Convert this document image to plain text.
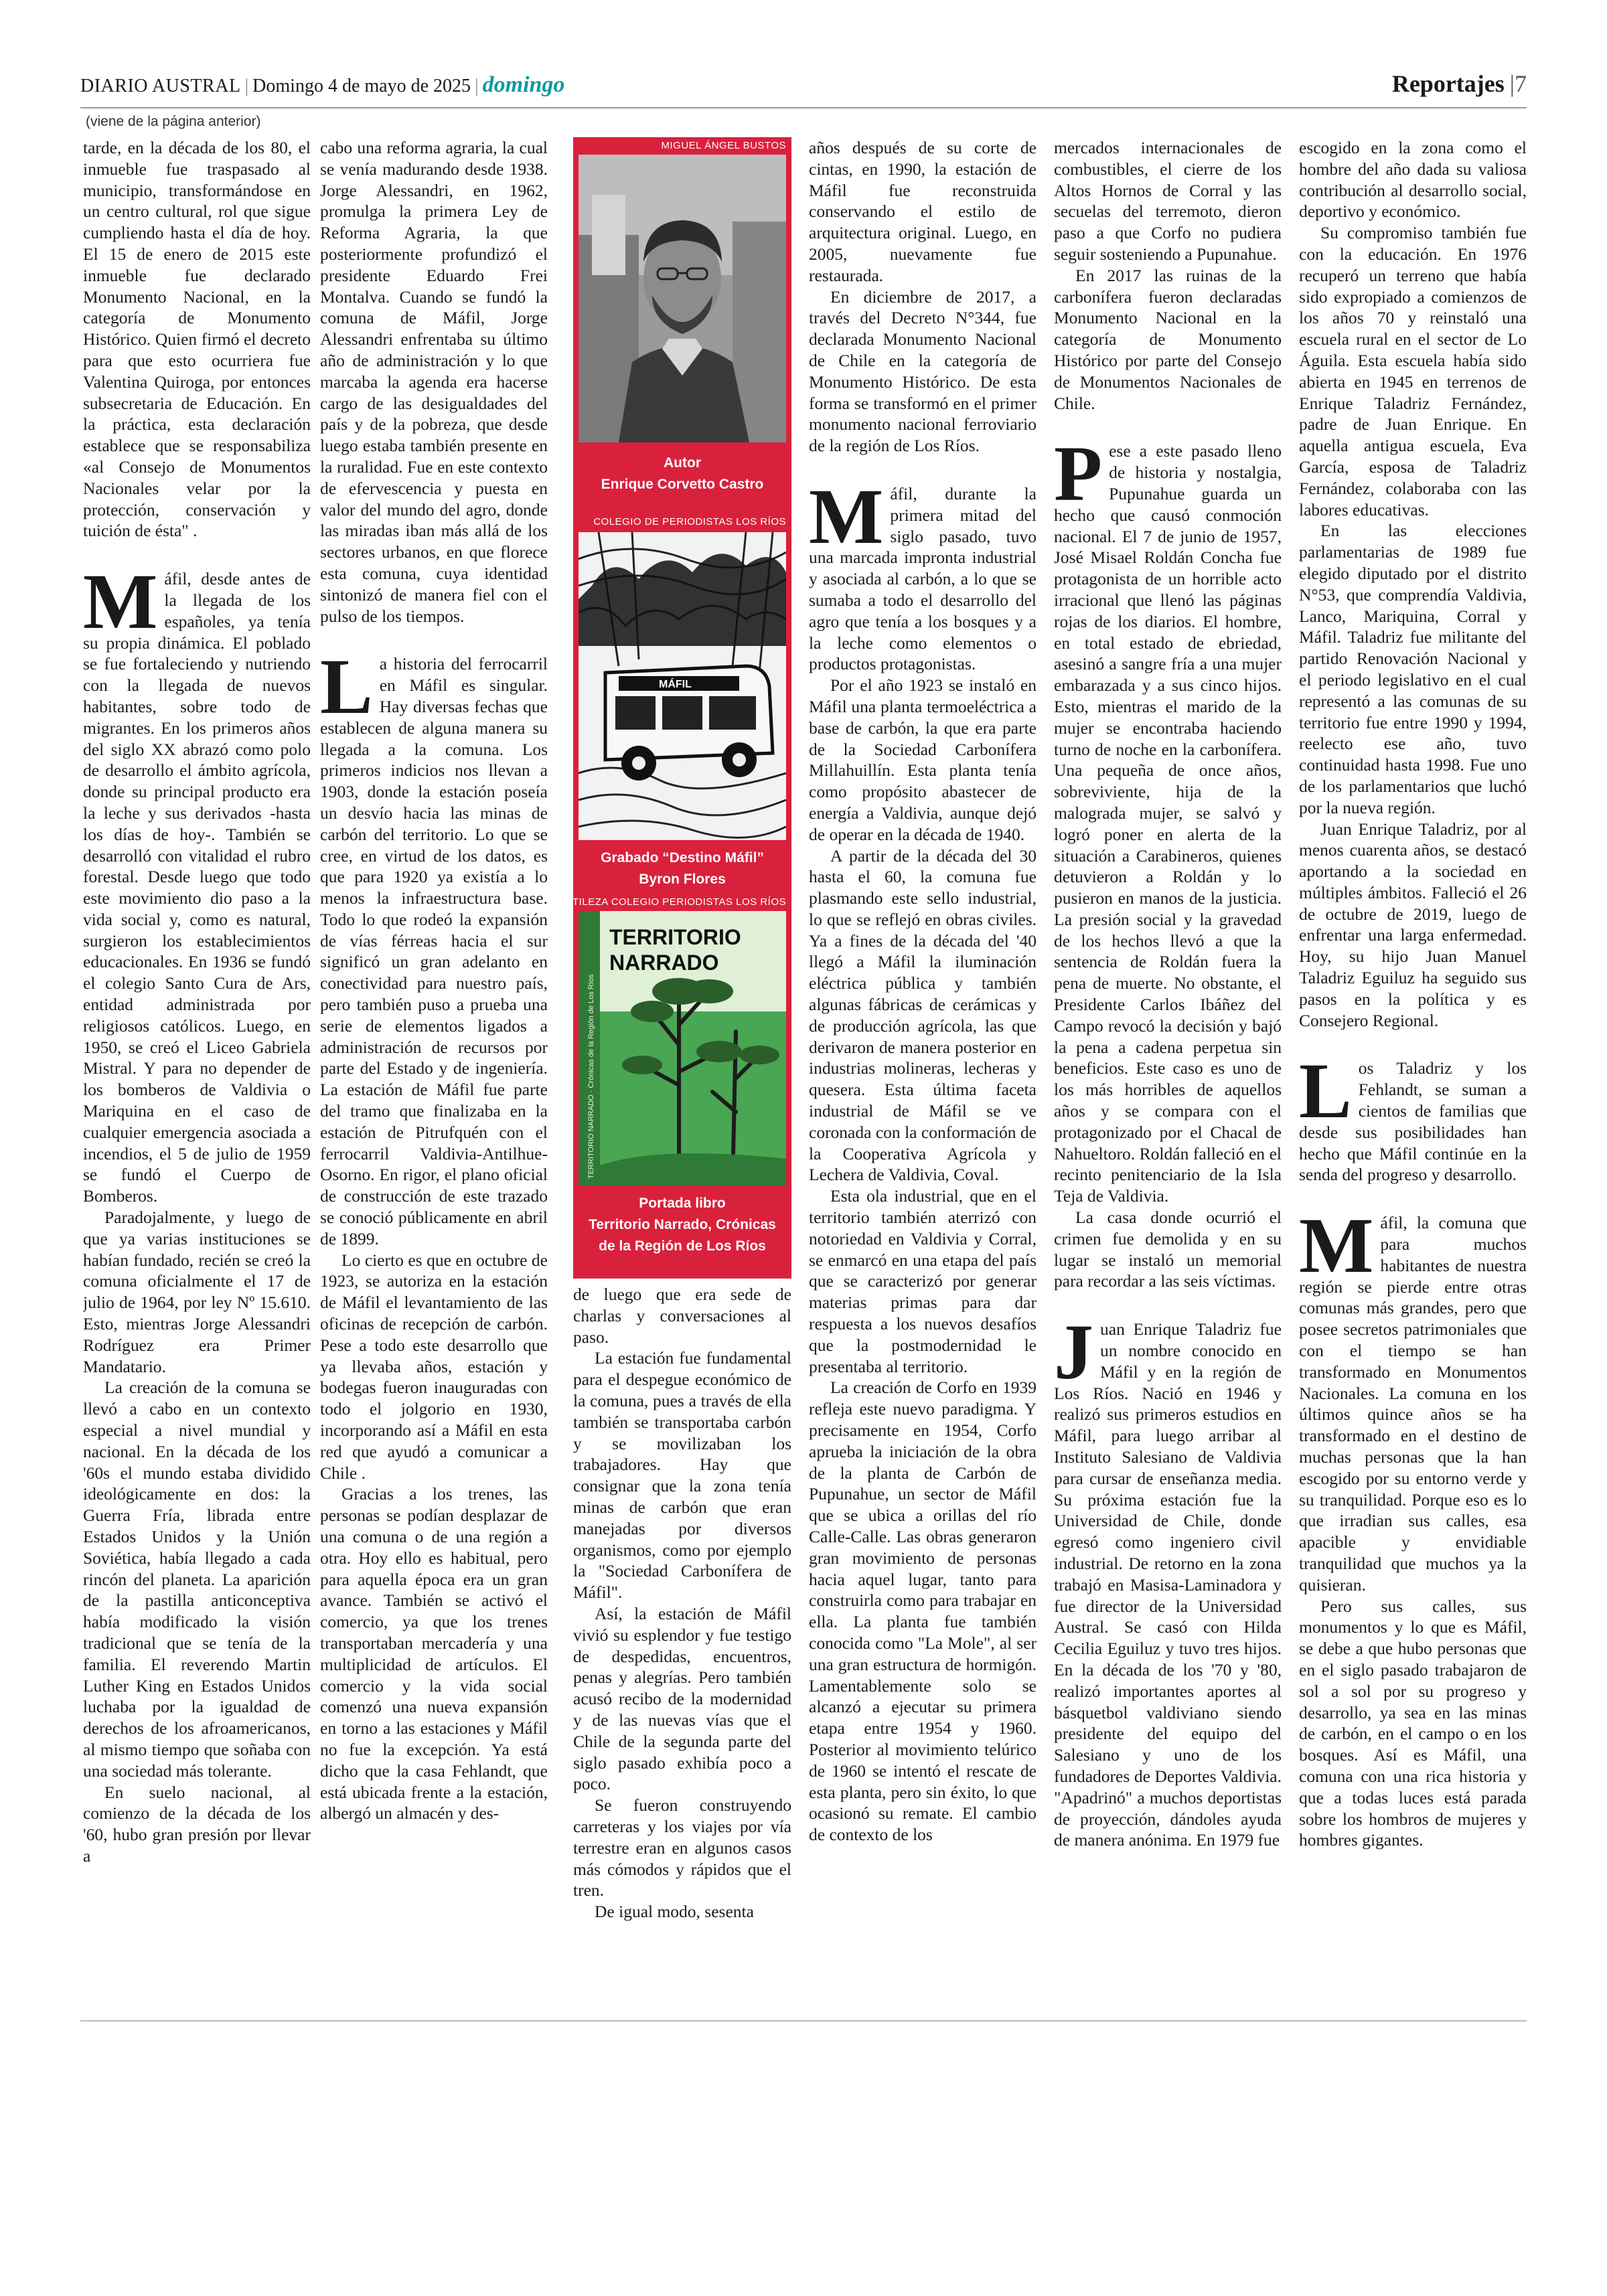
DIARIO AUSTRAL | Domingo 4 de mayo de 2025 | domingo	Reportajes |7
(viene de la página anterior)

tarde, en la década de los 80, el inmueble fue traspasado al municipio, transformándose en un centro cultural, rol que sigue cumpliendo hasta el día de hoy. El 15 de enero de 2015 este inmueble fue declarado Monumento Nacional, en la categoría de Monumento Histórico. Quien firmó el decreto para que esto ocurriera fue Valentina Quiroga, por entonces subsecretaria de Educación. En la práctica, esta declaración establece que se responsabiliza «al Consejo de Monumentos Nacionales velar por la protección, conservación y tuición de ésta" .

Máfil, desde antes de la llegada de los españoles, ya tenía su propia dinámica. El poblado se fue fortaleciendo y nutriendo con la llegada de nuevos habitantes, sobre todo de migrantes. En los primeros años del siglo XX abrazó como polo de desarrollo el ámbito agrícola, donde su principal producto era la leche y sus derivados -hasta los días de hoy-. También se desarrolló con vitalidad el rubro forestal. Desde luego que todo este movimiento dio paso a la vida social y, como es natural, surgieron los establecimientos educacionales. En 1936 se fundó el colegio Santo Cura de Ars, entidad administrada por religiosos católicos. Luego, en 1950, se creó el Liceo Gabriela Mistral. Y para no depender de los bomberos de Valdivia o Mariquina en el caso de cualquier emergencia asociada a incendios, el 5 de julio de 1959 se fundó el Cuerpo de Bomberos.

Paradojalmente, y luego de que ya varias instituciones se habían fundado, recién se creó la comuna oficialmente el 17 de julio de 1964, por ley Nº 15.610. Esto, mientras Jorge Alessandri Rodríguez era Primer Mandatario.

La creación de la comuna se llevó a cabo en un contexto especial a nivel mundial y nacional. En la década de los '60s el mundo estaba dividido ideológicamente en dos: la Guerra Fría, librada entre Estados Unidos y la Unión Soviética, había llegado a cada rincón del planeta. La aparición de la pastilla anticonceptiva había modificado la visión tradicional que se tenía de la familia. El reverendo Martin Luther King en Estados Unidos luchaba por la igualdad de derechos de los afroamericanos, al mismo tiempo que soñaba con una sociedad más tolerante.

En suelo nacional, al comienzo de la década de los '60, hubo gran presión por llevar a

cabo una reforma agraria, la cual se venía madurando desde 1938. Jorge Alessandri, en 1962, promulga la primera Ley de Reforma Agraria, la que posteriormente profundizó el presidente Eduardo Frei Montalva. Cuando se fundó la comuna de Máfil, Jorge Alessandri enfrentaba su último año de administración y lo que marcaba la agenda era hacerse cargo de las desigualdades del país y de la pobreza, que desde luego estaba también presente en la ruralidad. Fue en este contexto de efervescencia y puesta en valor del mundo del agro, donde las miradas iban más allá de los sectores urbanos, en que florece esta comuna, cuya identidad sintonizó de manera fiel con el pulso de los tiempos.

La historia del ferrocarril en Máfil es singular. Hay diversas fechas que establecen de alguna manera su llegada a la comuna. Los primeros indicios nos llevan a 1903, donde la estación poseía un desvío hacia las minas de carbón del territorio. Lo que se cree, en virtud de los datos, es que para 1920 ya existía a lo menos la infraestructura base. Todo lo que rodeó la expansión de vías férreas hacia el sur significó un gran adelanto en conectividad para nuestro país, pero también puso a prueba una serie de elementos ligados a administración de recursos por parte del Estado y de ingeniería. La estación de Máfil fue parte del tramo que finalizaba en la estación de Pitrufquén con el ferrocarril Valdivia-Antilhue-Osorno. En rigor, el plano oficial de construcción de este trazado se conoció públicamente en abril de 1899.

Lo cierto es que en octubre de 1923, se autoriza en la estación de Máfil el levantamiento de las oficinas de recepción de carbón. Pese a todo este desarrollo que ya llevaba años, estación y bodegas fueron inauguradas con todo el jolgorio en 1930, incorporando así a Máfil en esta red que ayudó a comunicar a Chile .

Gracias a los trenes, las personas se podían desplazar de una comuna o de una región a otra. Hoy ello es habitual, pero para aquella época era un gran avance. También se activó el comercio, ya que los trenes transportaban mercadería y una multiplicidad de artículos. El comercio y la vida social comenzó una nueva expansión en torno a las estaciones y Máfil no fue la excepción. Ya está dicho que la casa Fehlandt, que está ubicada frente a la estación, albergó un almacén y des-

MIGUEL ÁNGEL BUSTOS
Autor
Enrique Corvetto Castro
COLEGIO DE PERIODISTAS LOS RÍOS
MÁFIL
Grabado “Destino Máfil”
Byron Flores
GENTILEZA COLEGIO PERIODISTAS LOS RÍOS
TERRITORIO
NARRADO
TERRITORIO NARRADO · Crónicas de la Región de Los Ríos
Portada libro
Territorio Narrado, Crónicas
de la Región de Los Ríos

de luego que era sede de charlas y conversaciones al paso.

La estación fue fundamental para el despegue económico de la comuna, pues a través de ella también se transportaba carbón y se movilizaban los trabajadores. Hay que consignar que la zona tenía minas de carbón que eran manejadas por diversos organismos, como por ejemplo la "Sociedad Carbonífera de Máfil".

Así, la estación de Máfil vivió su esplendor y fue testigo de despedidas, encuentros, penas y alegrías. Pero también acusó recibo de la modernidad y de las nuevas vías que el Chile de la segunda parte del siglo pasado exhibía poco a poco.

Se fueron construyendo carreteras y los viajes por vía terrestre eran en algunos casos más cómodos y rápidos que el tren.

De igual modo, sesenta

años después de su corte de cintas, en 1990, la estación de Máfil fue reconstruida conservando el estilo de arquitectura original. Luego, en 2005, nuevamente fue restaurada.

En diciembre de 2017, a través del Decreto N°344, fue declarada Monumento Nacional de Chile en la categoría de Monumento Histórico. De esta forma se transformó en el primer monumento nacional ferroviario de la región de Los Ríos.

Máfil, durante la primera mitad del siglo pasado, tuvo una marcada impronta industrial y asociada al carbón, a lo que se sumaba a todo el desarrollo del agro que tenía a los bosques y a la leche como elementos o productos protagonistas.

Por el año 1923 se instaló en Máfil una planta termoeléctrica a base de carbón, la que era parte de la Sociedad Carbonífera Millahuillín. Esta planta tenía como propósito abastecer de energía a Valdivia, aunque dejó de operar en la década de 1940.

A partir de la década del 30 hasta el 60, la comuna fue plasmando este sello industrial, lo que se reflejó en obras civiles. Ya a fines de la década del '40 llegó a Máfil la iluminación eléctrica pública y también algunas fábricas de cerámicas y de producción agrícola, las que derivaron de manera posterior en industrias molineras, lecheras y quesera. Esta última faceta industrial de Máfil se ve coronada con la conformación de la Cooperativa Agrícola y Lechera de Valdivia, Coval.

Esta ola industrial, que en el territorio también aterrizó con notoriedad en Valdivia y Corral, se enmarcó en una etapa del país que se caracterizó por generar materias primas para dar respuesta a los nuevos desafíos que la postmodernidad le presentaba al territorio.

La creación de Corfo en 1939 refleja este nuevo paradigma. Y precisamente en 1954, Corfo aprueba la iniciación de la obra de la planta de Carbón de Pupunahue, un sector de Máfil que se ubica a orillas del río Calle-Calle. Las obras generaron gran movimiento de personas hacia aquel lugar, tanto para construirla como para trabajar en ella. La planta fue también conocida como "La Mole", al ser una gran estructura de hormigón. Lamentablemente solo se alcanzó a ejecutar su primera etapa entre 1954 y 1960. Posterior al movimiento telúrico de 1960 se intentó el rescate de esta planta, pero sin éxito, lo que ocasionó su remate. El cambio de contexto de los

mercados internacionales de combustibles, el cierre de los Altos Hornos de Corral y las secuelas del terremoto, dieron paso a que Corfo no pudiera seguir sosteniendo a Pupunahue.

En 2017 las ruinas de la carbonífera fueron declaradas Monumento Nacional en la categoría de Monumento Histórico por parte del Consejo de Monumentos Nacionales de Chile.

Pese a este pasado lleno de historia y nostalgia, Pupunahue guarda un hecho que causó conmoción nacional. El 7 de junio de 1957, José Misael Roldán Concha fue protagonista de un horrible acto irracional que llenó las páginas rojas de los diarios. El hombre, en total estado de ebriedad, asesinó a sangre fría a una mujer embarazada y a sus cinco hijos. Esto, mientras el marido de la mujer se encontraba haciendo turno de noche en la carbonífera. Una pequeña de once años, sobreviviente, hija de la malograda mujer, se salvó y logró poner en alerta de la situación a Carabineros, quienes detuvieron a Roldán y lo pusieron en manos de la justicia. La presión social y la gravedad de los hechos llevó a que la sentencia de Roldán fuera la pena de muerte. No obstante, el Presidente Carlos Ibáñez del Campo revocó la decisión y bajó la pena a cadena perpetua sin beneficios. Este caso es uno de los más horribles de aquellos años y se compara con el protagonizado por el Chacal de Nahueltoro. Roldán falleció en el recinto penitenciario de la Isla Teja de Valdivia.

La casa donde ocurrió el crimen fue demolida y en su lugar se instaló un memorial para recordar a las seis víctimas.

Juan Enrique Taladriz fue un nombre conocido en Máfil y en la región de Los Ríos. Nació en 1946 y realizó sus primeros estudios en Máfil, para luego arribar al Instituto Salesiano de Valdivia para cursar de enseñanza media. Su próxima estación fue la Universidad de Chile, donde egresó como ingeniero civil industrial. De retorno en la zona trabajó en Masisa-Laminadora y fue director de la Universidad Austral. Se casó con Hilda Cecilia Eguiluz y tuvo tres hijos. En la década de los '70 y '80, realizó importantes aportes al básquetbol valdiviano siendo presidente del equipo del Salesiano y uno de los fundadores de Deportes Valdivia. "Apadrinó" a muchos deportistas de proyección, dándoles ayuda de manera anónima. En 1979 fue

escogido en la zona como el hombre del año dada su valiosa contribución al desarrollo social, deportivo y económico.

Su compromiso también fue con la educación. En 1976 recuperó un terreno que había sido expropiado a comienzos de los años 70 y reinstaló una escuela rural en el sector de Lo Águila. Esta escuela había sido abierta en 1945 en terrenos de Enrique Taladriz Fernández, padre de Juan Enrique. En aquella antigua escuela, Eva García, esposa de Taladriz Fernández, colaboraba con las labores educativas.

En las elecciones parlamentarias de 1989 fue elegido diputado por el distrito N°53, que comprendía Valdivia, Lanco, Mariquina, Corral y Máfil. Taladriz fue militante del partido Renovación Nacional y el periodo legislativo en el cual representó a las comunas de su territorio fue entre 1990 y 1994, reelecto ese año, tuvo continuidad hasta 1998. Fue uno de los parlamentarios que luchó por la nueva región.

Juan Enrique Taladriz, por al menos cuarenta años, se destacó aportando a la sociedad en múltiples ámbitos. Falleció el 26 de octubre de 2019, luego de enfrentar una larga enfermedad. Hoy, su hijo Juan Manuel Taladriz Eguiluz ha seguido sus pasos en la política y es Consejero Regional.

Los Taladriz y los Fehlandt, se suman a cientos de familias que desde sus posibilidades han hecho que Máfil continúe en la senda del progreso y desarrollo.

Máfil, la comuna que para muchos habitantes de nuestra región se pierde entre otras comunas más grandes, pero que posee secretos patrimoniales que con el tiempo se han transformado en Monumentos Nacionales. La comuna en los últimos quince años se ha transformado en el destino de muchas personas que la han escogido por su entorno verde y su tranquilidad. Porque eso es lo que irradian sus calles, esa apacible y envidiable tranquilidad que muchos ya la quisieran.

Pero sus calles, sus monumentos y lo que es Máfil, se debe a que hubo personas que en el siglo pasado trabajaron de sol a sol por su progreso y desarrollo, ya sea en las minas de carbón, en el campo o en los bosques. Así es Máfil, una comuna con una rica historia y que a todas luces está parada sobre los hombros de mujeres y hombres gigantes.
